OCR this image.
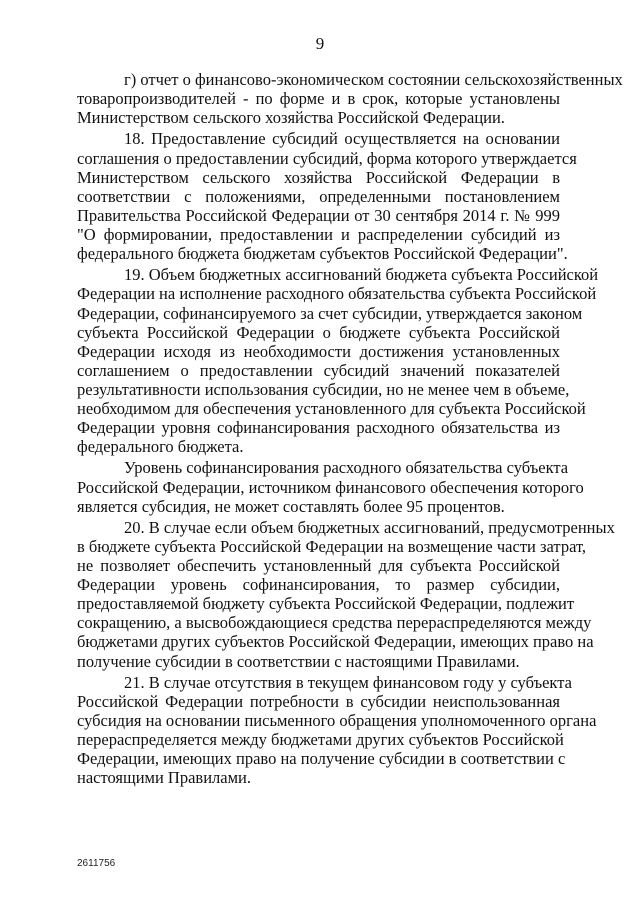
9

г) отчет о финансово-экономическом состоянии сельскохозяйственных
товаропроизводителей - по форме и в срок, которые установлены
Министерством сельского хозяйства Российской Федерации.

18. Предоставление субсидий осуществляется на основании
соглашения о предоставлении субсидий, форма которого утверждается
Министерством сельского хозяйства Российской Федерации в
соответствии с положениями, определенными постановлением
Правительства Российской Федерации от 30 сентября 2014 г. № 999
"О формировании, предоставлении и распределении субсидий из
федерального бюджета бюджетам субъектов Российской Федерации".

19. Объем бюджетных ассигнований бюджета субъекта Российской
Федерации на исполнение расходного обязательства субъекта Российской
Федерации, софинансируемого за счет субсидии, утверждается законом
субъекта Российской Федерации о бюджете субъекта Российской
Федерации исходя из необходимости достижения установленных
соглашением о предоставлении субсидий значений показателей
результативности использования субсидии, но не менее чем в объеме,
необходимом для обеспечения установленного для субъекта Российской
Федерации уровня софинансирования расходного обязательства из
федерального бюджета.

Уровень софинансирования расходного обязательства субъекта
Российской Федерации, источником финансового обеспечения которого
является субсидия, не может составлять более 95 процентов.

20. В случае если объем бюджетных ассигнований, предусмотренных
в бюджете субъекта Российской Федерации на возмещение части затрат,
не позволяет обеспечить установленный для субъекта Российской
Федерации уровень софинансирования, то размер субсидии,
предоставляемой бюджету субъекта Российской Федерации, подлежит
сокращению, а высвобождающиеся средства перераспределяются между
бюджетами других субъектов Российской Федерации, имеющих право на
получение субсидии в соответствии с настоящими Правилами.

21. В случае отсутствия в текущем финансовом году у субъекта
Российской Федерации потребности в субсидии неиспользованная
субсидия на основании письменного обращения уполномоченного органа
перераспределяется между бюджетами других субъектов Российской
Федерации, имеющих право на получение субсидии в соответствии с
настоящими Правилами.

2611756
